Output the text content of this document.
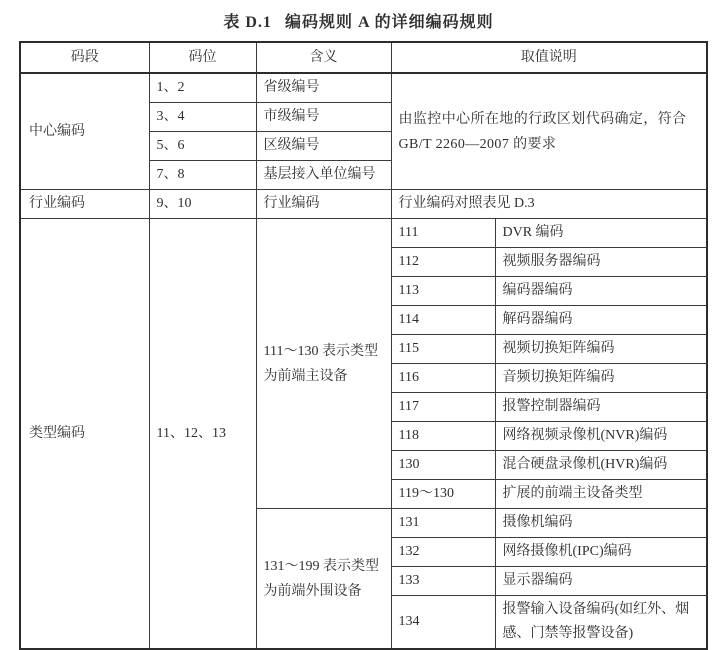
表 D.1 编码规则 A 的详细编码规则
码段	码位	含义	取值说明	
中心编码	1、2	省级编号	由监控中心所在地的行政区划代码确定，符合 GB/T 2260—2007 的要求	
	3、4	市级编号		
	5、6	区级编号		
	7、8	基层接入单位编号		
行业编码	9、10	行业编码	行业编码对照表见 D.3	
类型编码	11、12、13	111～130 表示类型为前端主设备	111	DVR 编码
			112	视频服务器编码
			113	编码器编码
			114	解码器编码
			115	视频切换矩阵编码
			116	音频切换矩阵编码
			117	报警控制器编码
			118	网络视频录像机(NVR)编码
			130	混合硬盘录像机(HVR)编码
			119～130	扩展的前端主设备类型
		131～199 表示类型为前端外围设备	131	摄像机编码
			132	网络摄像机(IPC)编码
			133	显示器编码
			134	报警输入设备编码(如红外、烟感、门禁等报警设备)
